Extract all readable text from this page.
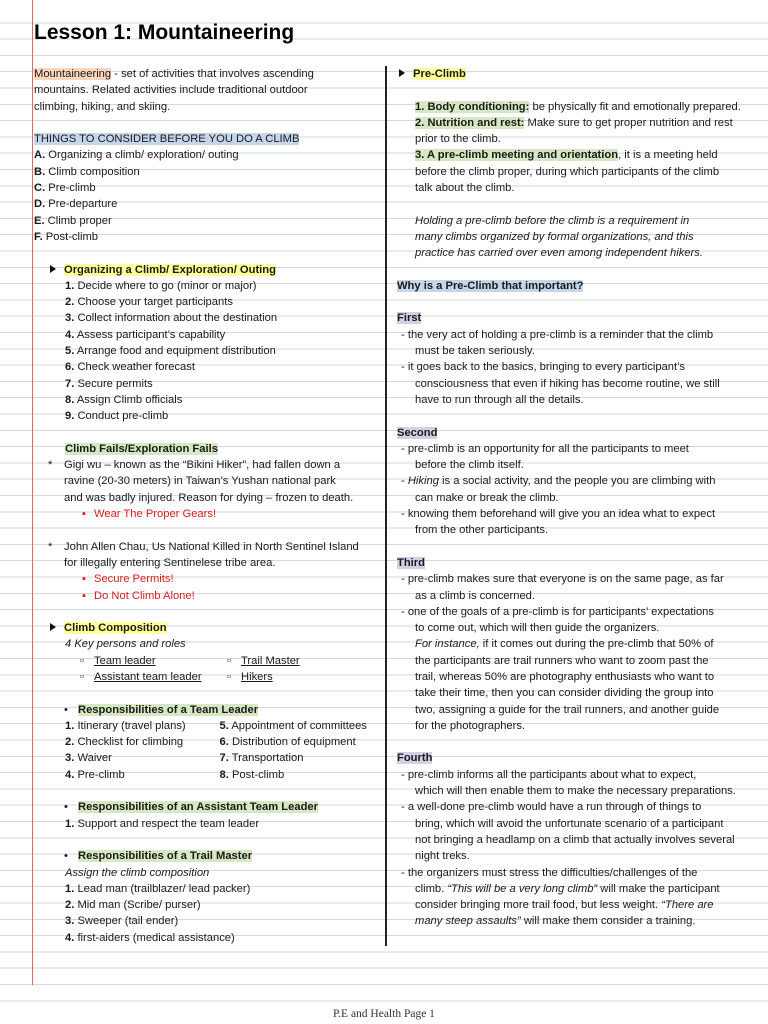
Lesson 1: Mountaineering
Mountaineering - set of activities that involves ascending
mountains. Related activities include traditional outdoor
climbing, hiking, and skiing.
THINGS TO CONSIDER BEFORE YOU DO A CLIMB
A. Organizing a climb/ exploration/ outing
B. Climb composition
C. Pre-climb
D. Pre-departure
E. Climb proper
F. Post-climb
Organizing a Climb/ Exploration/ Outing
1. Decide where to go (minor or major)
2. Choose your target participants
3. Collect information about the destination
4. Assess participant’s capability
5. Arrange food and equipment distribution
6. Check weather forecast
7. Secure permits
8. Assign Climb officials
9. Conduct pre-climb
Climb Fails/Exploration Fails
* Gigi wu – known as the “Bikini Hiker”, had fallen down a
ravine (20-30 meters) in Taiwan’s Yushan national park
and was badly injured. Reason for dying – frozen to death.
▪ Wear The Proper Gears!
* John Allen Chau, Us National Killed in North Sentinel Island
for illegally entering Sentinelese tribe area.
▪ Secure Permits!
▪ Do Not Climb Alone!
Climb Composition
4 Key persons and roles
▫ Team leader	▫ Trail Master
▫ Assistant team leader	▫ Hikers
• Responsibilities of a Team Leader
1. Itinerary (travel plans)	5. Appointment of committees
2. Checklist for climbing	6. Distribution of equipment
3. Waiver	7. Transportation
4. Pre-climb	8. Post-climb
• Responsibilities of an Assistant Team Leader
1. Support and respect the team leader
• Responsibilities of a Trail Master
Assign the climb composition
1. Lead man (trailblazer/ lead packer)
2. Mid man (Scribe/ purser)
3. Sweeper (tail ender)
4. first-aiders (medical assistance)
Pre-Climb
1. Body conditioning: be physically fit and emotionally prepared.
2. Nutrition and rest: Make sure to get proper nutrition and rest
prior to the climb.
3. A pre-climb meeting and orientation, it is a meeting held
before the climb proper, during which participants of the climb
talk about the climb.
Holding a pre-climb before the climb is a requirement in
many climbs organized by formal organizations, and this
practice has carried over even among independent hikers.
Why is a Pre-Climb that important?
First
- the very act of holding a pre-climb is a reminder that the climb
must be taken seriously.
- it goes back to the basics, bringing to every participant’s
consciousness that even if hiking has become routine, we still
have to run through all the details.
Second
- pre-climb is an opportunity for all the participants to meet
before the climb itself.
- Hiking is a social activity, and the people you are climbing with
can make or break the climb.
- knowing them beforehand will give you an idea what to expect
from the other participants.
Third
- pre-climb makes sure that everyone is on the same page, as far
as a climb is concerned.
- one of the goals of a pre-climb is for participants’ expectations
to come out, which will then guide the organizers.
For instance, if it comes out during the pre-climb that 50% of
the participants are trail runners who want to zoom past the
trail, whereas 50% are photography enthusiasts who want to
take their time, then you can consider dividing the group into
two, assigning a guide for the trail runners, and another guide
for the photographers.
Fourth
- pre-climb informs all the participants about what to expect,
which will then enable them to make the necessary preparations.
- a well-done pre-climb would have a run through of things to
bring, which will avoid the unfortunate scenario of a participant
not bringing a headlamp on a climb that actually involves several
night treks.
- the organizers must stress the difficulties/challenges of the
climb. “This will be a very long climb” will make the participant
consider bringing more trail food, but less weight. “There are
many steep assaults” will make them consider a training.
P.E and Health Page 1
